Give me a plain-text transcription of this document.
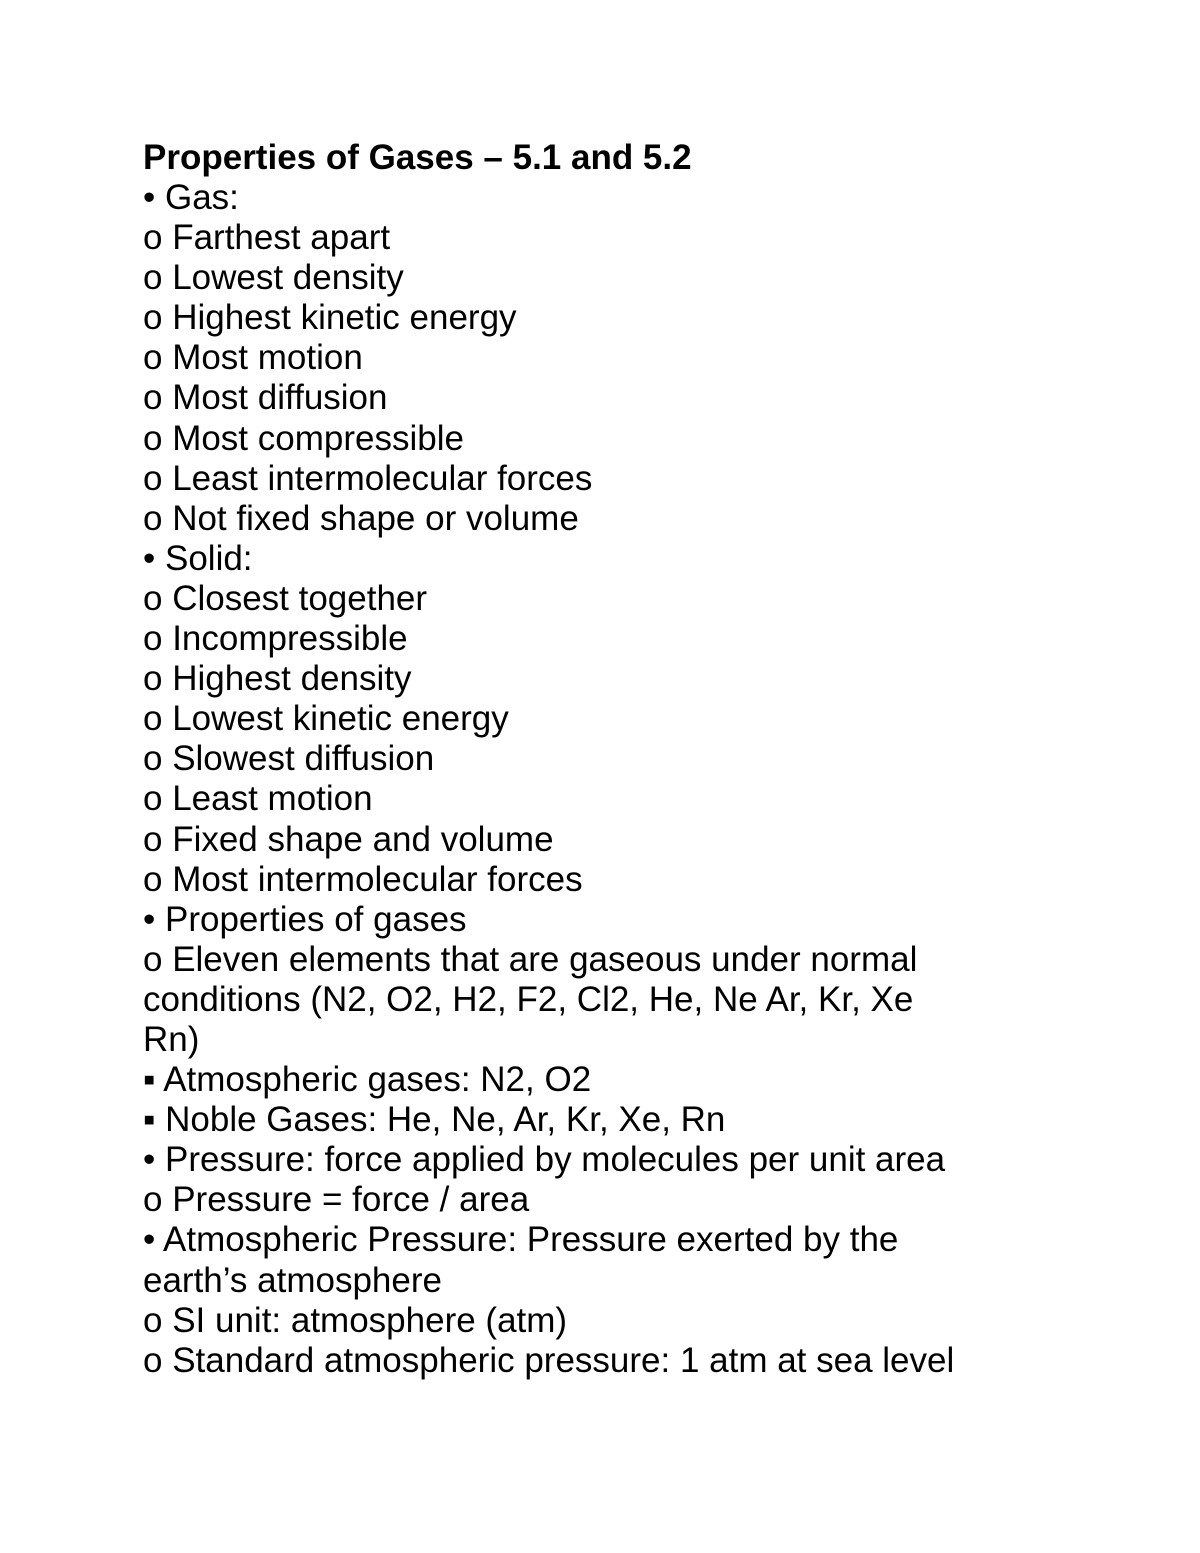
Properties of Gases – 5.1 and 5.2
• Gas:
o Farthest apart
o Lowest density
o Highest kinetic energy
o Most motion
o Most diffusion
o Most compressible
o Least intermolecular forces
o Not fixed shape or volume
• Solid:
o Closest together
o Incompressible
o Highest density
o Lowest kinetic energy
o Slowest diffusion
o Least motion
o Fixed shape and volume
o Most intermolecular forces
• Properties of gases
o Eleven elements that are gaseous under normal
conditions (N2, O2, H2, F2, Cl2, He, Ne Ar, Kr, Xe
Rn)
▪ Atmospheric gases: N2, O2
▪ Noble Gases: He, Ne, Ar, Kr, Xe, Rn
• Pressure: force applied by molecules per unit area
o Pressure = force / area
• Atmospheric Pressure: Pressure exerted by the
earth’s atmosphere
o SI unit: atmosphere (atm)
o Standard atmospheric pressure: 1 atm at sea level
